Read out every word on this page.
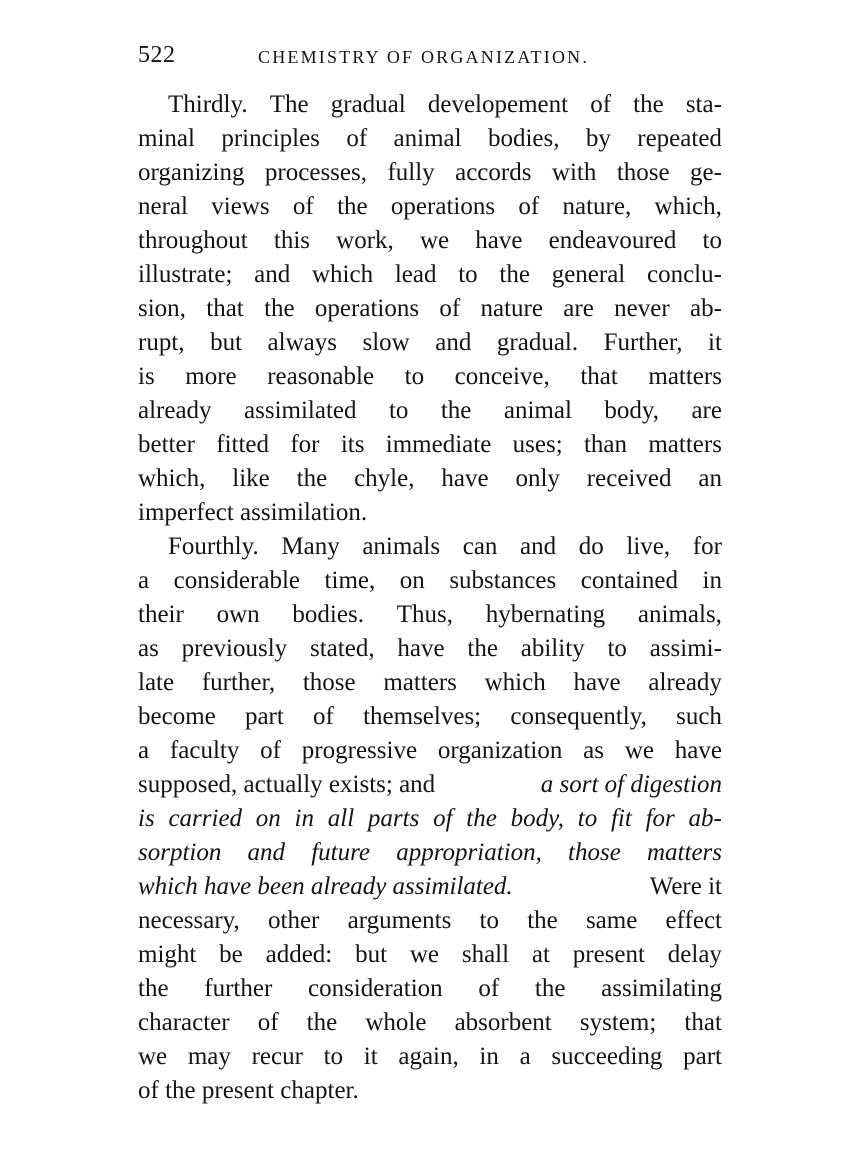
522	CHEMISTRY OF ORGANIZATION.
Thirdly. The gradual developement of the sta-
minal principles of animal bodies, by repeated
organizing processes, fully accords with those ge-
neral views of the operations of nature, which,
throughout this work, we have endeavoured to
illustrate; and which lead to the general conclu-
sion, that the operations of nature are never ab-
rupt, but always slow and gradual. Further, it
is more reasonable to conceive, that matters
already assimilated to the animal body, are
better fitted for its immediate uses; than matters
which, like the chyle, have only received an
imperfect assimilation.
Fourthly. Many animals can and do live, for
a considerable time, on substances contained in
their own bodies. Thus, hybernating animals,
as previously stated, have the ability to assimi-
late further, those matters which have already
become part of themselves; consequently, such
a faculty of progressive organization as we have
supposed, actually exists; and	a sort of digestion
is carried on in all parts of the body, to fit for ab-
sorption and future appropriation, those matters
which have been already assimilated.	Were it
necessary, other arguments to the same effect
might be added: but we shall at present delay
the further consideration of the assimilating
character of the whole absorbent system; that
we may recur to it again, in a succeeding part
of the present chapter.
